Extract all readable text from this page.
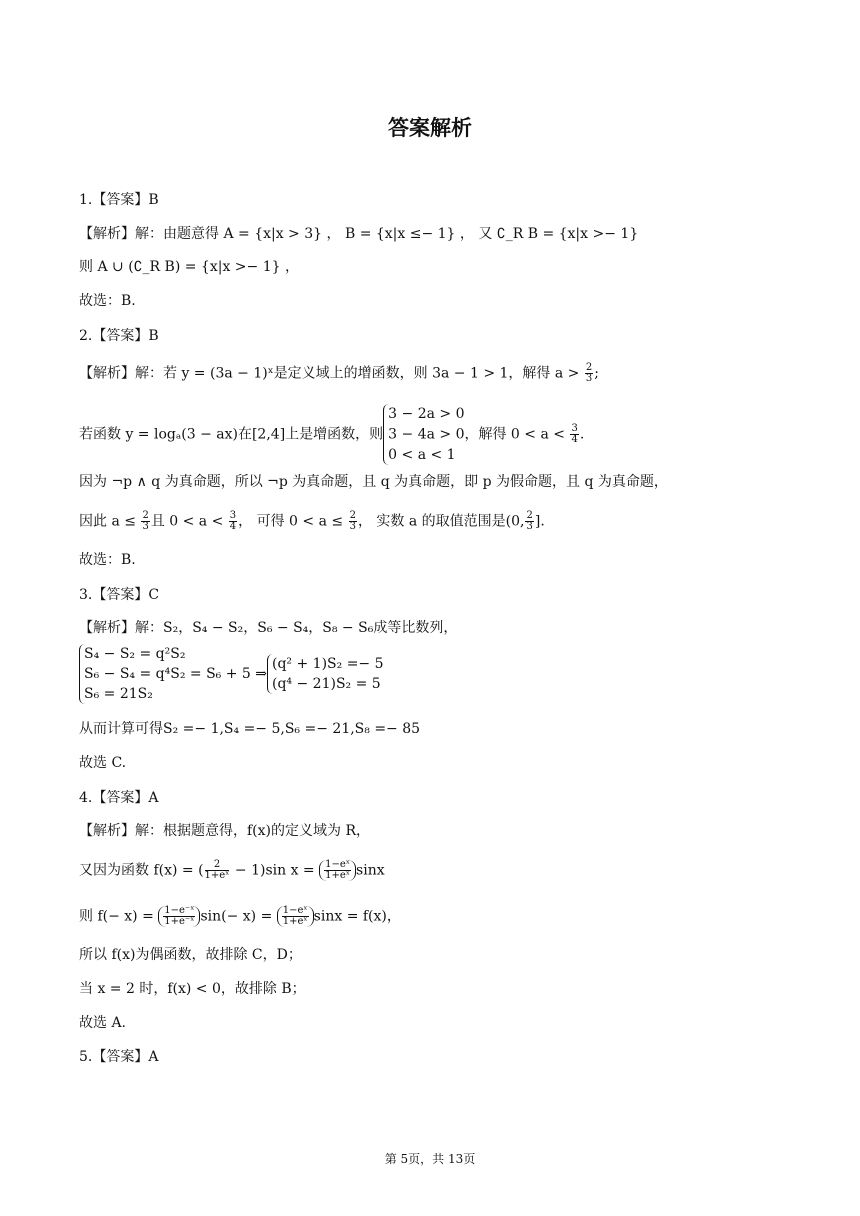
答案解析
1.【答案】B
【解析】解：由题意得 A = {x|x > 3} ， B = {x|x ≤− 1} ， 又 ∁_R B = {x|x >− 1}
则 A ∪ (∁_R B) = {x|x >− 1} ，
故选：B.
2.【答案】B
【解析】解：若 y = (3a − 1)ˣ是定义域上的增函数，则 3a − 1 > 1，解得 $a > \frac{2}{3}$ ;
若函数 y = logₐ(3 − ax)在[2,4]上是增函数，则
3 − 2a > 0
3 − 4a > 0，解得 $0 < a < \frac{3}{4}$ .
0 < a < 1
因为 ¬p ∧ q 为真命题，所以 ¬p 为真命题，且 q 为真命题，即 p 为假命题，且 q 为真命题，
因此 $a \le \frac{2}{3}$ 且 $0 < a < \frac{3}{4}$ ， 可得 $0 < a \le \frac{2}{3}$ ， 实数 a 的取值范围是(0, $\frac{2}{3}$ ].
故选：B.
3.【答案】C
【解析】解：S₂，S₄ − S₂，S₆ − S₄，S₈ − S₆成等比数列，
S₄ − S₂ = q²S₂
S₆ − S₄ = q⁴S₂ = S₆ + 5 ⇒
S₆ = 21S₂
(q² + 1)S₂ =− 5
(q⁴ − 21)S₂ = 5
从而计算可得S₂ =− 1,S₄ =− 5,S₆ =− 21,S₈ =− 85
故选 C.
4.【答案】A
【解析】解：根据题意得，f(x)的定义域为 R，
又因为函数 f(x) = ( $\frac{2}{\text{1+eˣ}} - 1)\sin$ $x = \frac{\text{1−eˣ}}{\text{1+eˣ}}$ sinx
则 $f(- x) = \frac{\text{1−e⁻ˣ}}{\text{1+e⁻ˣ}} \sin(- x) = \frac{\text{1−eˣ}}{\text{1+eˣ}}$ sinx = f(x)，
所以 f(x)为偶函数，故排除 C，D；
当 x = 2 时，f(x) < 0，故排除 B；
故选 A.
5.【答案】A
第 5页，共 13页
